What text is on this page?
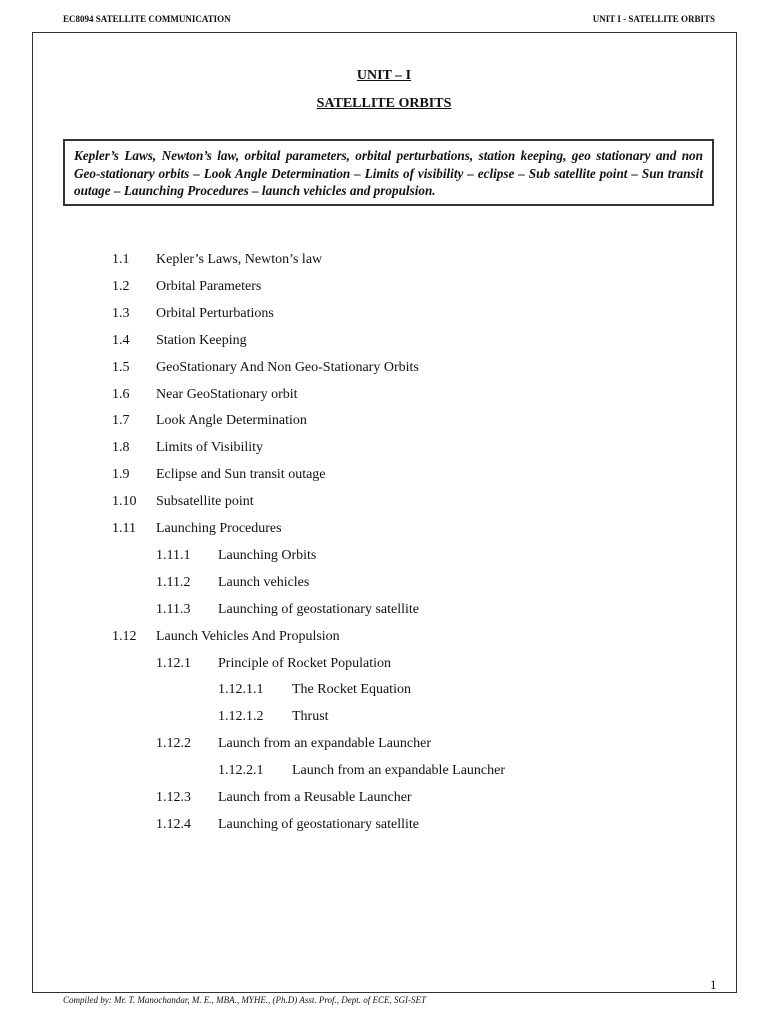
EC8094 SATELLITE COMMUNICATION	UNIT I - SATELLITE ORBITS
UNIT – I
SATELLITE ORBITS
Kepler’s Laws, Newton’s law, orbital parameters, orbital perturbations, station keeping, geo stationary and non Geo-stationary orbits – Look Angle Determination – Limits of visibility – eclipse – Sub satellite point – Sun transit outage – Launching Procedures – launch vehicles and propulsion.
1.1 Kepler’s Laws, Newton’s law
1.2 Orbital Parameters
1.3 Orbital Perturbations
1.4 Station Keeping
1.5 GeoStationary And Non Geo-Stationary Orbits
1.6 Near GeoStationary orbit
1.7 Look Angle Determination
1.8 Limits of Visibility
1.9 Eclipse and Sun transit outage
1.10 Subsatellite point
1.11 Launching Procedures
1.11.1 Launching Orbits
1.11.2 Launch vehicles
1.11.3 Launching of geostationary satellite
1.12 Launch Vehicles And Propulsion
1.12.1 Principle of Rocket Population
1.12.1.1 The Rocket Equation
1.12.1.2 Thrust
1.12.2 Launch from an expandable Launcher
1.12.2.1 Launch from an expandable Launcher
1.12.3 Launch from a Reusable Launcher
1.12.4 Launching of geostationary satellite
1
Compiled by: Mr. T. Manochandar, M. E., MBA., MYHE., (Ph.D) Asst. Prof., Dept. of ECE, SGI-SET
